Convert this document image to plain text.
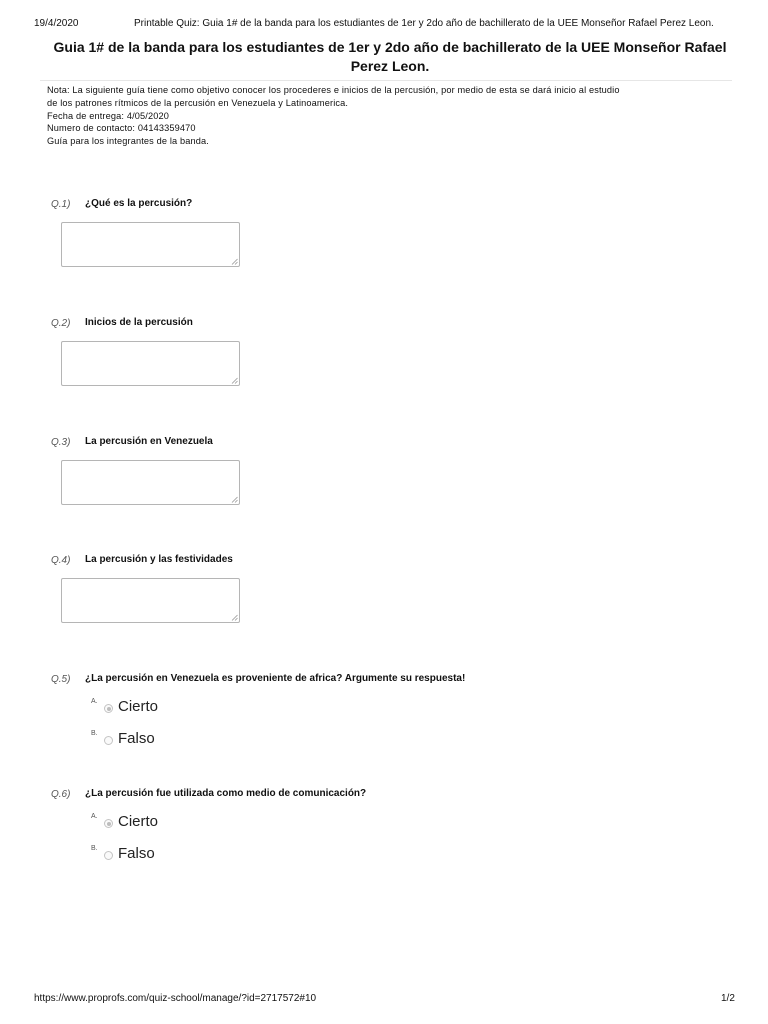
19/4/2020	Printable Quiz: Guia 1# de la banda para los estudiantes de 1er y 2do año de bachillerato de la UEE Monseñor Rafael Perez Leon.
Guia 1# de la banda para los estudiantes de 1er y 2do año de bachillerato de la UEE Monseñor Rafael Perez Leon.
Nota: La siguiente guía tiene como objetivo conocer los procederes e inicios de la percusión, por medio de esta se dará inicio al estudio
de los patrones rítmicos de la percusión en Venezuela y Latinoamerica.
Fecha de entrega: 4/05/2020
Numero de contacto: 04143359470
Guía para los integrantes de la banda.
Q.1) ¿Qué es la percusión?
Q.2) Inicios de la percusión
Q.3) La percusión en Venezuela
Q.4) La percusión y las festividades
Q.5) ¿La percusión en Venezuela es proveniente de africa? Argumente su respuesta!
A. Cierto
B. Falso
Q.6) ¿La percusión fue utilizada como medio de comunicación?
A. Cierto
B. Falso
https://www.proprofs.com/quiz-school/manage/?id=2717572#10	1/2
